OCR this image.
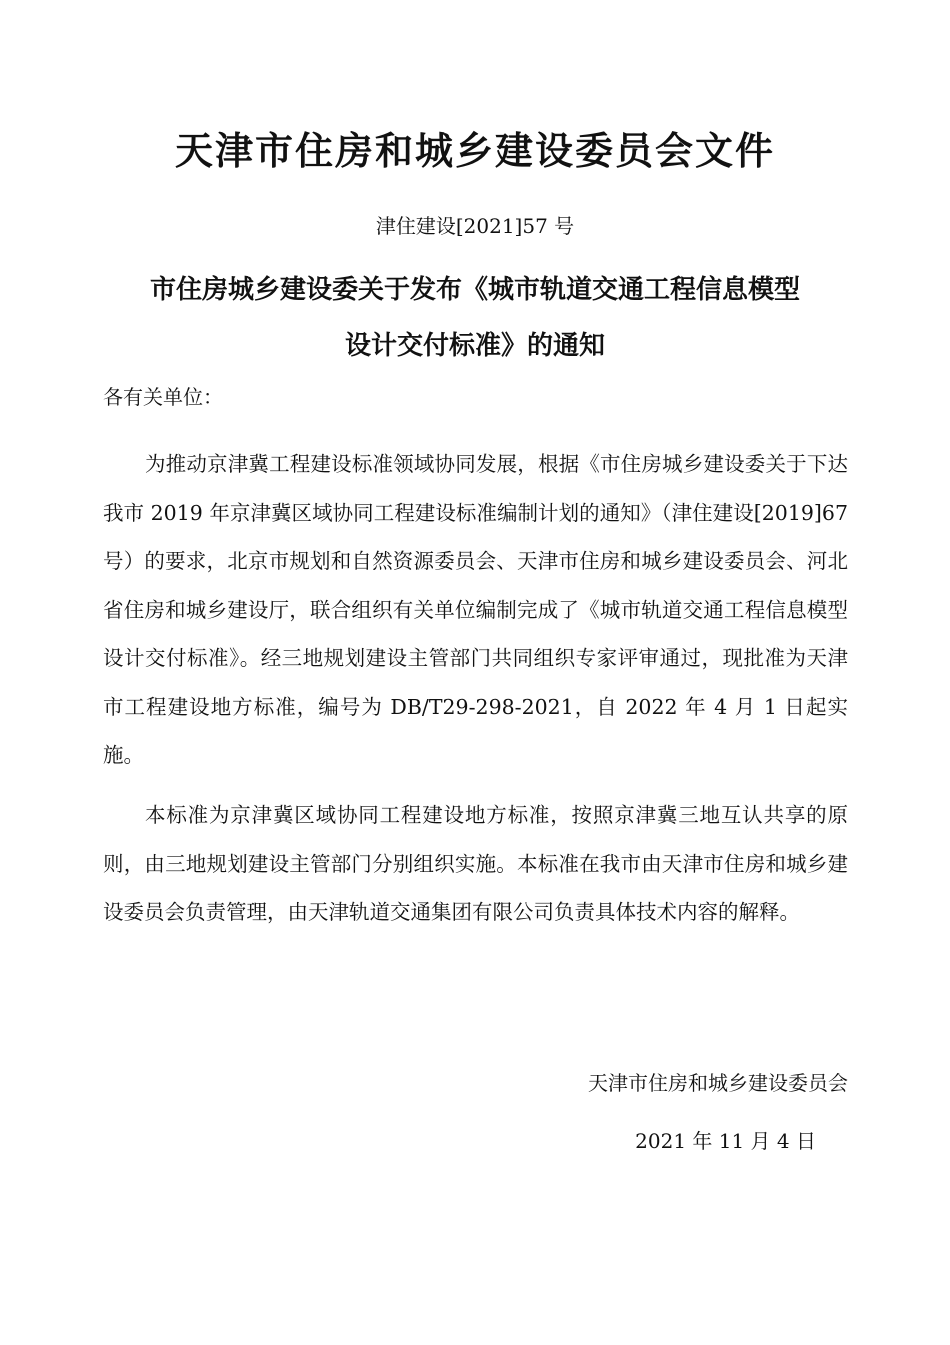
天津市住房和城乡建设委员会文件
津住建设[2021]57 号
市住房城乡建设委关于发布《城市轨道交通工程信息模型
设计交付标准》的通知
各有关单位：

为推动京津冀工程建设标准领域协同发展，根据《市住房城乡建设委关于下达我市 2019 年京津冀区域协同工程建设标准编制计划的通知》（津住建设[2019]67 号）的要求，北京市规划和自然资源委员会、天津市住房和城乡建设委员会、河北省住房和城乡建设厅，联合组织有关单位编制完成了《城市轨道交通工程信息模型设计交付标准》。经三地规划建设主管部门共同组织专家评审通过，现批准为天津市工程建设地方标准，编号为 DB/T29-298-2021，自 2022 年 4 月 1 日起实施。

本标准为京津冀区域协同工程建设地方标准，按照京津冀三地互认共享的原则，由三地规划建设主管部门分别组织实施。本标准在我市由天津市住房和城乡建设委员会负责管理，由天津轨道交通集团有限公司负责具体技术内容的解释。

天津市住房和城乡建设委员会
2021 年 11 月 4 日
